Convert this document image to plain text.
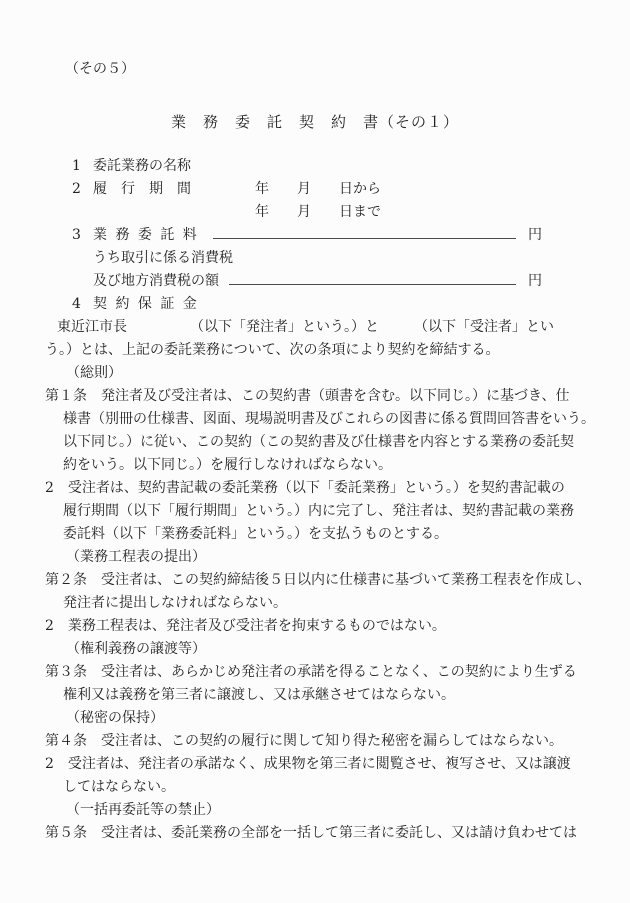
（その５）
業　務　委　託　契　約　書（その１）
1 委託業務の名称
2 履　行　期　間	年　　月　　日から
年　　月　　日まで

3 業 務 委 託 料	円
うち取引に係る消費税
及び地方消費税の額	円
4 契 約 保 証 金
東近江市長　　　　　（以下「発注者」という。）と　　　（以下「受注者」とい
う。）とは、上記の委託業務について、次の条項により契約を締結する。
（総則）
第１条　発注者及び受注者は、この契約書（頭書を含む。以下同じ。）に基づき、仕
様書（別冊の仕様書、図面、現場説明書及びこれらの図書に係る質問回答書をいう。
以下同じ。）に従い、この契約（この契約書及び仕様書を内容とする業務の委託契
約をいう。以下同じ。）を履行しなければならない。
2　受注者は、契約書記載の委託業務（以下「委託業務」という。）を契約書記載の
履行期間（以下「履行期間」という。）内に完了し、発注者は、契約書記載の業務
委託料（以下「業務委託料」という。）を支払うものとする。
（業務工程表の提出）
第２条　受注者は、この契約締結後５日以内に仕様書に基づいて業務工程表を作成し、
発注者に提出しなければならない。
2　業務工程表は、発注者及び受注者を拘束するものではない。
（権利義務の譲渡等）
第３条　受注者は、あらかじめ発注者の承諾を得ることなく、この契約により生ずる
権利又は義務を第三者に譲渡し、又は承継させてはならない。
（秘密の保持）
第４条　受注者は、この契約の履行に関して知り得た秘密を漏らしてはならない。
2　受注者は、発注者の承諾なく、成果物を第三者に閲覧させ、複写させ、又は譲渡
してはならない。
（一括再委託等の禁止）
第５条　受注者は、委託業務の全部を一括して第三者に委託し、又は請け負わせては
